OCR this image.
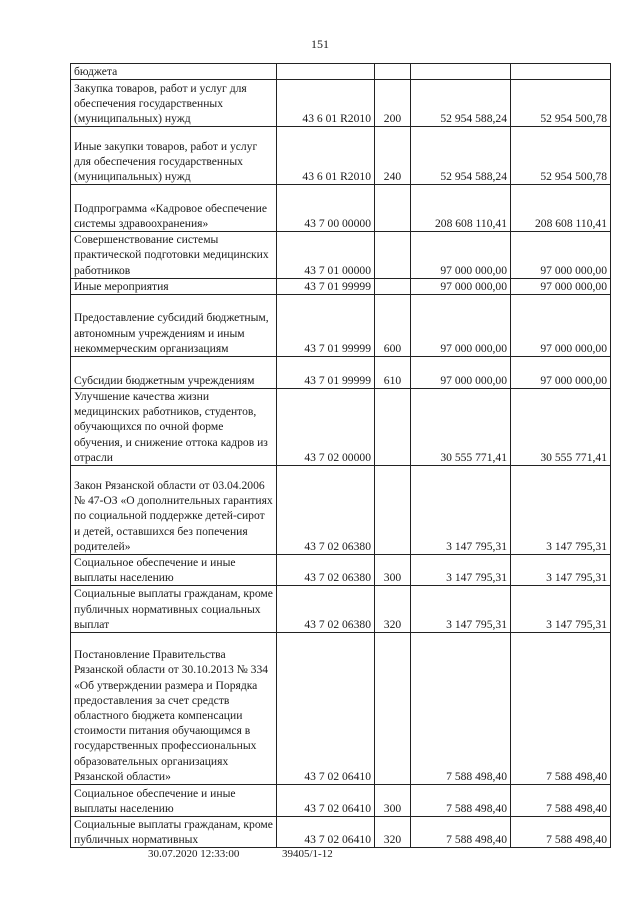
151
бюджета				
Закупка товаров, работ и услуг для обеспечения государственных (муниципальных) нужд	43 6 01 R2010	200	52 954 588,24	52 954 500,78
Иные закупки товаров, работ и услуг для обеспечения государственных (муниципальных) нужд	43 6 01 R2010	240	52 954 588,24	52 954 500,78
Подпрограмма «Кадровое обеспечение системы здравоохранения»	43 7 00 00000		208 608 110,41	208 608 110,41
Совершенствование системы практической подготовки медицинских работников	43 7 01 00000		97 000 000,00	97 000 000,00
Иные мероприятия	43 7 01 99999		97 000 000,00	97 000 000,00
Предоставление субсидий бюджетным, автономным учреждениям и иным некоммерческим организациям	43 7 01 99999	600	97 000 000,00	97 000 000,00
Субсидии бюджетным учреждениям	43 7 01 99999	610	97 000 000,00	97 000 000,00
Улучшение качества жизни медицинских работников, студентов, обучающихся по очной форме обучения, и снижение оттока кадров из отрасли	43 7 02 00000		30 555 771,41	30 555 771,41
Закон Рязанской области от 03.04.2006 № 47-ОЗ «О дополнительных гарантиях по социальной поддержке детей-сирот и детей, оставшихся без попечения родителей»	43 7 02 06380		3 147 795,31	3 147 795,31
Социальное обеспечение и иные выплаты населению	43 7 02 06380	300	3 147 795,31	3 147 795,31
Социальные выплаты гражданам, кроме публичных нормативных социальных выплат	43 7 02 06380	320	3 147 795,31	3 147 795,31
Постановление Правительства Рязанской области от 30.10.2013 № 334 «Об утверждении размера и Порядка предоставления за счет средств областного бюджета компенсации стоимости питания обучающимся в государственных профессиональных образовательных организациях Рязанской области»	43 7 02 06410		7 588 498,40	7 588 498,40
Социальное обеспечение и иные выплаты населению	43 7 02 06410	300	7 588 498,40	7 588 498,40
Социальные выплаты гражданам, кроме публичных нормативных	43 7 02 06410	320	7 588 498,40	7 588 498,40
30.07.2020 12:33:00	39405/1-12
